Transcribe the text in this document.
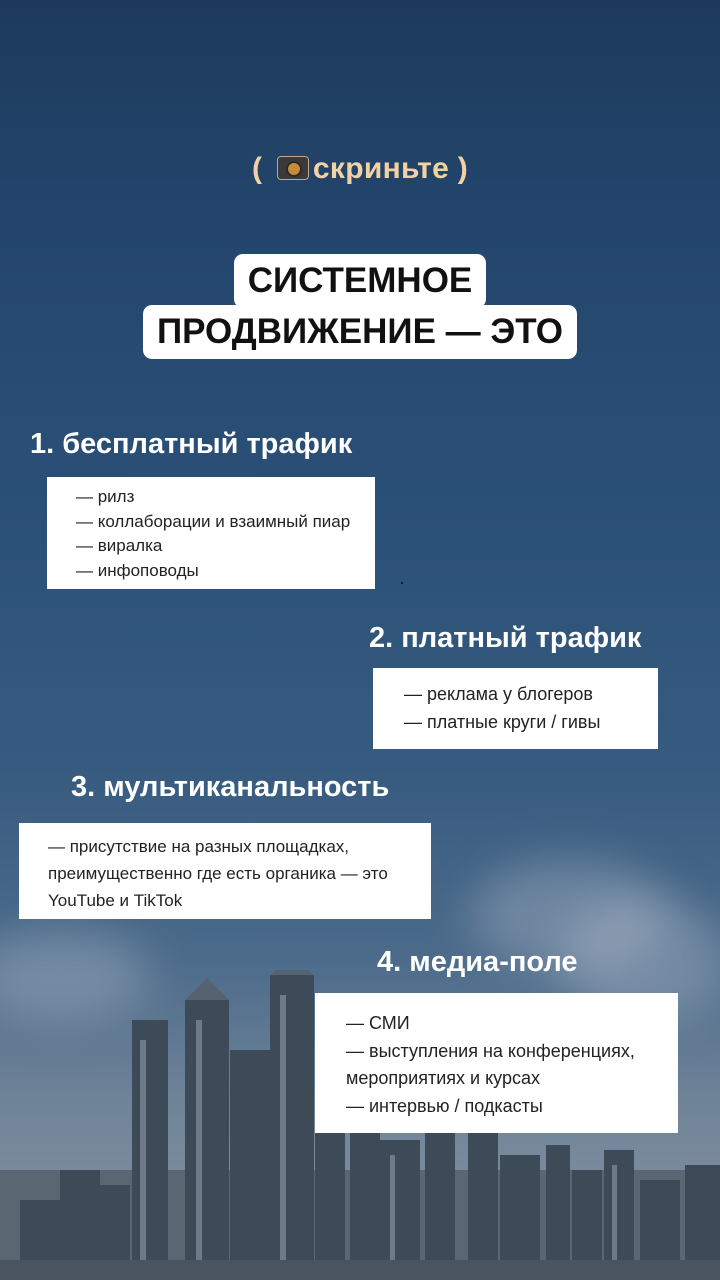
( скриньте )
СИСТЕМНОЕ
ПРОДВИЖЕНИЕ — ЭТО
1. бесплатный трафик
— рилз
— коллаборации и взаимный пиар
— виралка
— инфоповоды
2. платный трафик
— реклама у блогеров
— платные круги / гивы
3. мультиканальность
— присутствие на разных площадках,
преимущественно где есть органика — это
YouTube и TikTok
4. медиа-поле
— СМИ
— выступления на конференциях,
мероприятиях и курсах
— интервью / подкасты
